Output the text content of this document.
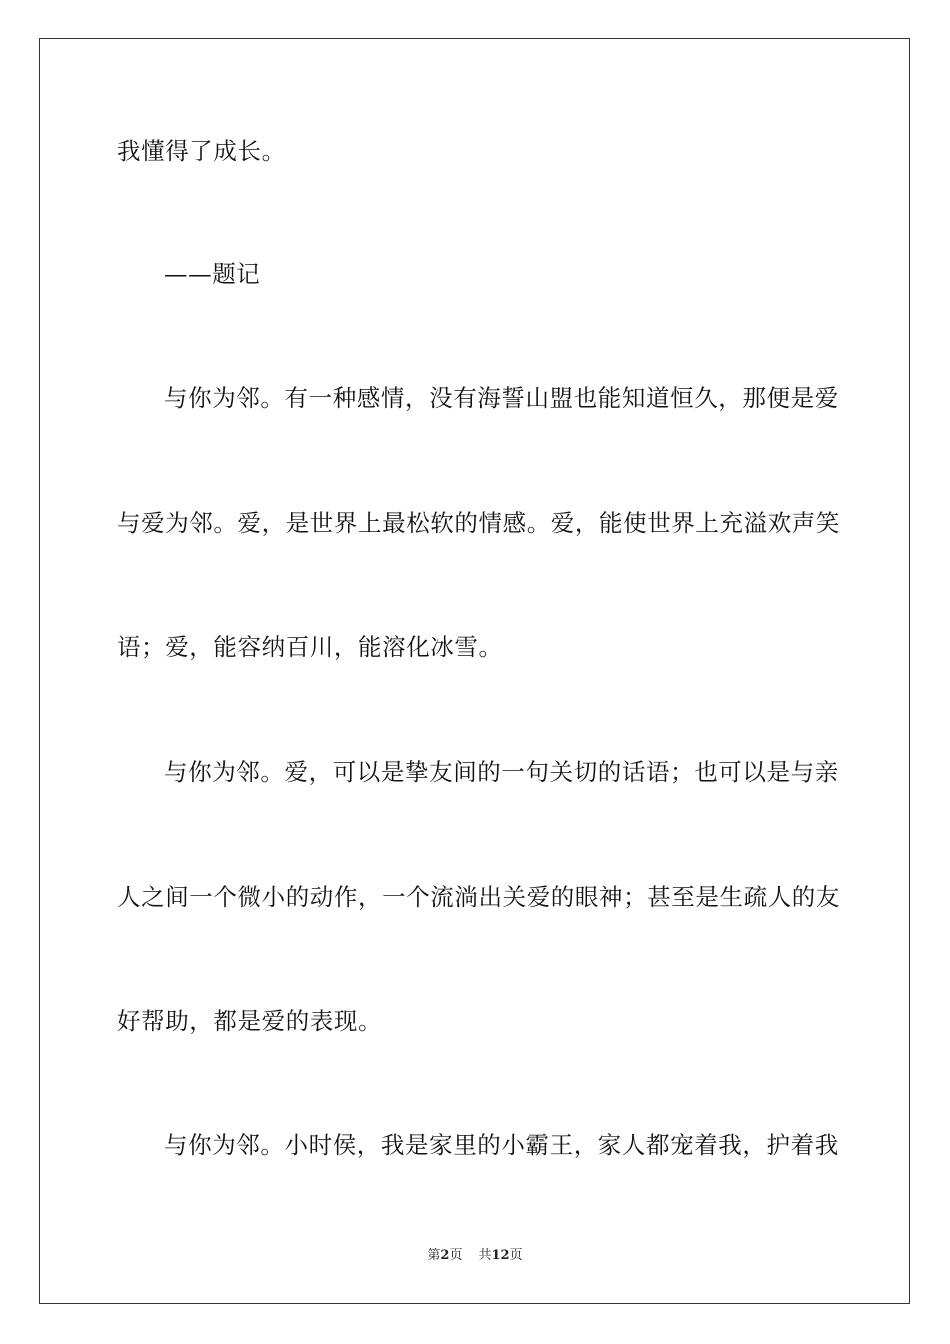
我懂得了成长。
——题记
与你为邻。有一种感情，没有海誓山盟也能知道恒久，那便是爱
与爱为邻。爱，是世界上最松软的情感。爱，能使世界上充溢欢声笑
语；爱，能容纳百川，能溶化冰雪。
与你为邻。爱，可以是挚友间的一句关切的话语；也可以是与亲
人之间一个微小的动作，一个流淌出关爱的眼神；甚至是生疏人的友
好帮助，都是爱的表现。
与你为邻。小时侯，我是家里的小霸王，家人都宠着我，护着我
第2页 共12页
